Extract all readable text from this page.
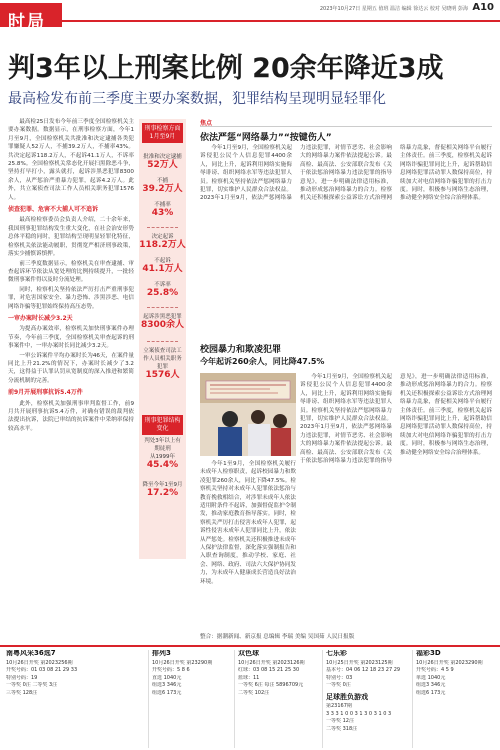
时局
2023年10月27日 星期五 值班 温洁 编辑 徐达云 校对 吴晓明 彭海 A10
判3年以上刑案比例 20余年降近3成
最高检发布前三季度主要办案数据，犯罪结构呈现明显轻罪化

最高检25日发布今年前三季度全国检察机关主要办案数据。数据显示，在刑事检察方面，今年1月至9月，全国检察机关共批准和决定逮捕各类犯罪嫌疑人52万人，不捕39.2万人，不捕率43%。共决定起诉118.2万人，不起诉41.1万人，不诉率25.8%。全国检察机关常态化开展扫黑除恶斗争，坚持打早打小，露头就打，起诉涉黑恶犯罪8300余人，从严惩治严重暴力犯罪，起诉4.2万人。此外，共立案侦查司法工作人员相关职务犯罪1576人。

侦查犯罪、危害不大捕人可不追诉

最高检检察委员会负责人介绍，二十余年来，我国刑事犯罪结构发生重大变化，在社会治安形势总体平稳的同时，犯罪结构呈现明显轻罪化特征，检察机关依法能动履职，贯彻宽严相济刑事政策，落实少捕慎诉慎押。

前三季度数据显示，检察机关在审查逮捕、审查起诉环节依法从宽处理的比例持续提升，一批轻微刑事案件得以及时分流处理。

同时，检察机关坚持依法严厉打击严重刑事犯罪，对危害国家安全、暴力恐怖、涉黑涉恶、电信网络诈骗等犯罪始终保持高压态势。

一审办案时长减少3.2天

为提高办案效率，检察机关加快刑事案件办理节奏，今年前三季度，全国检察机关审查起诉的刑事案件中，一审办案时长同比减少3.2天。

一审公诉案件平均办案时长为46天，在案件量同比上升21.2%的情况下，办案时长减少了3.2天，这得益于认罪认罚从宽制度的深入推进和繁简分流机制的完善。

前9月开展刑事抗诉5.4万件

此外，检察机关加强刑事审判监督工作，前9月共开展刑事抗诉5.4万件，对确有错误的裁判依法提出抗诉，法院已审结的抗诉案件中采纳率保持较高水平。

刑事检察方面
1月至9月
批准和决定逮捕
52万人
不捕
39.2万人
不捕率
43%
决定起诉
118.2万人
不起诉
41.1万人
不诉率
25.8%
起诉涉黑恶犯罪
8300余人
立案侦查司法工作人员相关职务犯罪
1576人
刑事犯罪结构变化
判处3年以上有期徒刑
从1999年
45.4%
降至今年1至9月
17.2%
焦点
依法严惩“网络暴力”“按键伤人”

今年1月至9月，全国检察机关起诉侵犯公民个人信息犯罪4400余人，同比上升，起诉利用网络实施侮辱诽谤、组织网络水军等违法犯罪人员。检察机关坚持依法严惩网络暴力犯罪，切实维护人民群众合法权益。2023年1月至9月，依法严惩网络暴力违法犯罪，对情节恶劣、社会影响大的网络暴力案件依法提起公诉。最高检、最高法、公安部联合发布《关于依法惩治网络暴力违法犯罪的指导意见》，进一步明确法律适用标准，推动形成惩治网络暴力的合力。检察机关还积极探索公益诉讼方式治理网络暴力乱象，督促相关网络平台履行主体责任。前三季度，检察机关起诉网络诈骗犯罪同比上升，起诉帮助信息网络犯罪活动罪人数保持高位，持续加大对电信网络诈骗犯罪的打击力度。同时，积极参与网络生态治理，推动健全网络安全综合治理体系。

校园暴力和欺凌犯罪
今年起诉260余人，同比降47.5%

今年1至9月，全国检察机关履行未成年人检察职责，起诉校园暴力和欺凌犯罪260余人，同比下降47.5%。检察机关坚持对未成年人犯罪依法惩治与教育挽救相结合，对涉罪未成年人依法适用附条件不起诉，加强督促监护令制发，推动家庭教育指导落实。同时，检察机关严厉打击侵害未成年人犯罪，起诉性侵害未成年人犯罪同比上升，依法从严惩处。检察机关还积极推进未成年人保护法律监督，深化落实强制报告和入职查询制度，推动学校、家庭、社会、网络、政府、司法六大保护协同发力，为未成年人健康成长营造良好法治环境。

今年1月至9月，全国检察机关起诉侵犯公民个人信息犯罪4400余人，同比上升，起诉利用网络实施侮辱诽谤、组织网络水军等违法犯罪人员。检察机关坚持依法严惩网络暴力犯罪，切实维护人民群众合法权益。2023年1月至9月，依法严惩网络暴力违法犯罪，对情节恶劣、社会影响大的网络暴力案件依法提起公诉。最高检、最高法、公安部联合发布《关于依法惩治网络暴力违法犯罪的指导意见》，进一步明确法律适用标准，推动形成惩治网络暴力的合力。检察机关还积极探索公益诉讼方式治理网络暴力乱象，督促相关网络平台履行主体责任。前三季度，检察机关起诉网络诈骗犯罪同比上升，起诉帮助信息网络犯罪活动罪人数保持高位，持续加大对电信网络诈骗犯罪的打击力度。同时，积极参与网络生态治理，推动健全网络安全综合治理体系。

整合：据潮新闻、新京报 总编辑 李瑞 美编 吴国茹 人民日报版
南粤风采36选7
10月26日开奖 第2023256期
开奖号码：01 03 08 21 29 33
特别号码：19
一等奖 0注 二等奖 3注
三等奖 128注
排列3
10月26日开奖 第23290期
开奖号码：5 8 6
直选 1040元
组选3 346元
组选6 173元
双色球
10月26日开奖 第2023126期
红球：03 08 15 21 25 30
蓝球：11
一等奖 6注 每注 5896709元
二等奖 102注
七乐彩
10月25日开奖 第2023125期
基本号：04 06 12 18 23 27 29
特别号：03
一等奖 0注
足球胜负游戏
第23167期
3 3 3 1 0 0 3 1 3 0 3 1 0 3
一等奖 12注
二等奖 318注
福彩3D
10月26日开奖 第2023290期
开奖号码：4 5 9
单选 1040元
组选3 346元
组选6 173元
